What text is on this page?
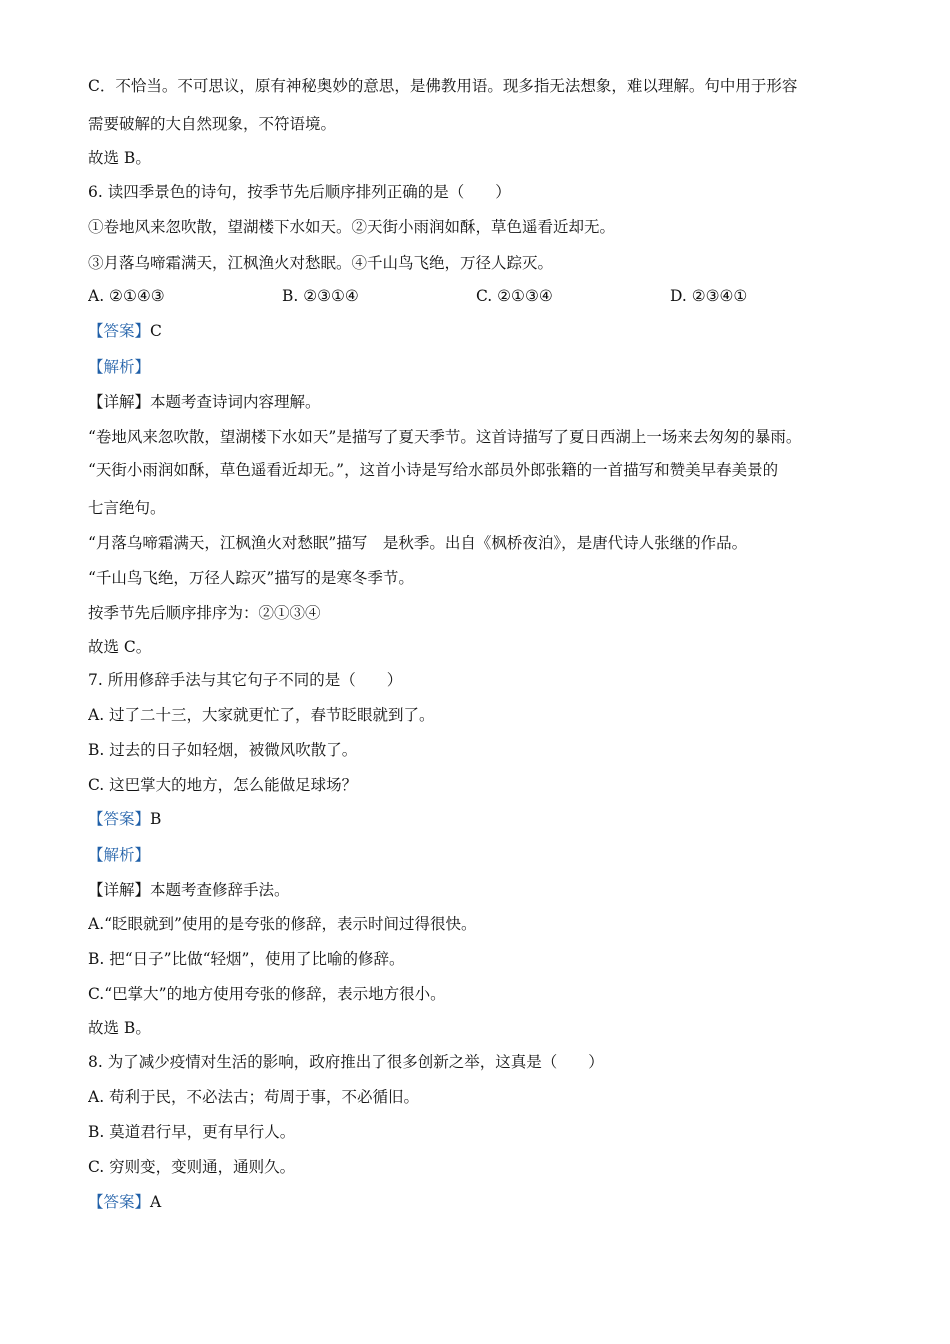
C．不恰当。不可思议，原有神秘奥妙的意思，是佛教用语。现多指无法想象，难以理解。句中用于形容
需要破解的大自然现象，不符语境。
故选 B。
6. 读四季景色的诗句，按季节先后顺序排列正确的是（　　）
①卷地风来忽吹散，望湖楼下水如天。②天街小雨润如酥，草色遥看近却无。
③月落乌啼霜满天，江枫渔火对愁眠。④千山鸟飞绝，万径人踪灭。
A. ②①④③	B. ②③①④	C. ②①③④	D. ②③④①
【答案】C
【解析】
【详解】本题考查诗词内容理解。
“卷地风来忽吹散，望湖楼下水如天”是描写了夏天季节。这首诗描写了夏日西湖上一场来去匆匆的暴雨。
“天街小雨润如酥，草色遥看近却无。”，这首小诗是写给水部员外郎张籍的一首描写和赞美早春美景的
七言绝句。
“月落乌啼霜满天，江枫渔火对愁眠”描写　是秋季。出自《枫桥夜泊》，是唐代诗人张继的作品。
“千山鸟飞绝，万径人踪灭”描写的是寒冬季节。
按季节先后顺序排序为：②①③④
故选 C。
7. 所用修辞手法与其它句子不同的是（　　）
A. 过了二十三，大家就更忙了，春节眨眼就到了。
B. 过去的日子如轻烟，被微风吹散了。
C. 这巴掌大的地方，怎么能做足球场？
【答案】B
【解析】
【详解】本题考查修辞手法。
A.“眨眼就到”使用的是夸张的修辞，表示时间过得很快。
B. 把“日子”比做“轻烟”，使用了比喻的修辞。
C.“巴掌大”的地方使用夸张的修辞，表示地方很小。
故选 B。
8. 为了减少疫情对生活的影响，政府推出了很多创新之举，这真是（　　）
A. 苟利于民，不必法古；苟周于事，不必循旧。
B. 莫道君行早，更有早行人。
C. 穷则变，变则通，通则久。
【答案】A
